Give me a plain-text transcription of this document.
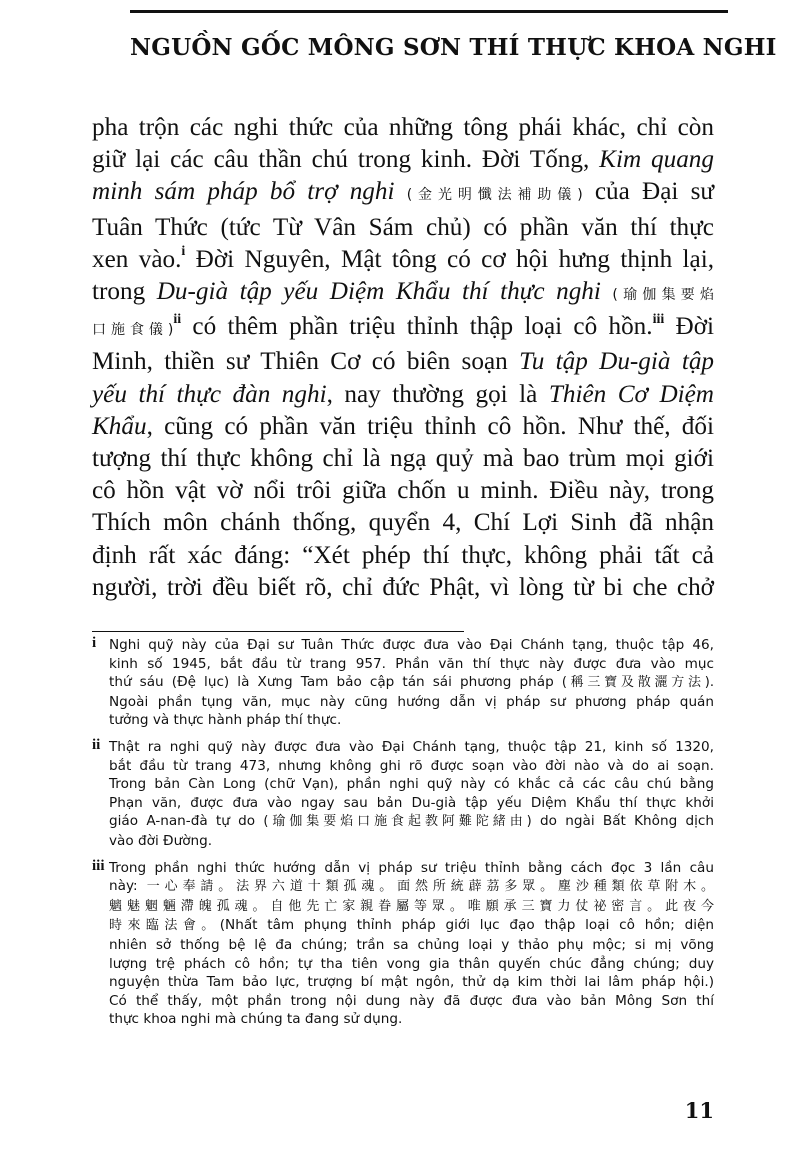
NGUỒN GỐC MÔNG SƠN THÍ THỰC KHOA NGHI
pha trộn các nghi thức của những tông phái khác, chỉ còn
giữ lại các câu thần chú trong kinh. Đời Tống, Kim quang
minh sám pháp bổ trợ nghi (金光明懺法補助儀) của Đại sư
Tuân Thức (tức Từ Vân Sám chủ) có phần văn thí thực
xen vào.$^i$ Đời Nguyên, Mật tông có cơ hội hưng thịnh lại,
trong Du-già tập yếu Diệm Khẩu thí thực nghi (瑜伽集要焰
口施食儀)$^{ii}$ có thêm phần triệu thỉnh thập loại cô hồn.$^{iii}$ Đời
Minh, thiền sư Thiên Cơ có biên soạn Tu tập Du-già tập
yếu thí thực đàn nghi, nay thường gọi là Thiên Cơ Diệm
Khẩu, cũng có phần văn triệu thỉnh cô hồn. Như thế, đối
tượng thí thực không chỉ là ngạ quỷ mà bao trùm mọi giới
cô hồn vật vờ nổi trôi giữa chốn u minh. Điều này, trong
Thích môn chánh thống, quyển 4, Chí Lợi Sinh đã nhận
định rất xác đáng: “Xét phép thí thực, không phải tất cả
người, trời đều biết rõ, chỉ đức Phật, vì lòng từ bi che chở
i Nghi quỹ này của Đại sư Tuân Thức được đưa vào Đại Chánh tạng, thuộc tập 46,
kinh số 1945, bắt đầu từ trang 957. Phần văn thí thực này được đưa vào mục
thứ sáu (Đệ lục) là Xưng Tam bảo cập tán sái phương pháp (稱三寶及散灑方法).
Ngoài phần tụng văn, mục này cũng hướng dẫn vị pháp sư phương pháp quán
tưởng và thực hành pháp thí thực.
ii Thật ra nghi quỹ này được đưa vào Đại Chánh tạng, thuộc tập 21, kinh số 1320,
bắt đầu từ trang 473, nhưng không ghi rõ được soạn vào đời nào và do ai soạn.
Trong bản Càn Long (chữ Vạn), phần nghi quỹ này có khắc cả các câu chú bằng
Phạn văn, được đưa vào ngay sau bản Du-già tập yếu Diệm Khẩu thí thực khởi
giáo A-nan-đà tự do (瑜伽集要焰口施食起教阿難陀緒由) do ngài Bất Không dịch
vào đời Đường.
iii Trong phần nghi thức hướng dẫn vị pháp sư triệu thỉnh bằng cách đọc 3 lần câu
này: 一心奉請。法界六道十類孤魂。面然所統薜茘多眾。塵沙種類依草附木。
魑魅魍魎滯魄孤魂。自他先亡家親眷屬等眾。唯願承三寶力仗祕密言。此夜今
時來臨法會。(Nhất tâm phụng thỉnh pháp giới lục đạo thập loại cô hồn; diện
nhiên sở thống bệ lệ đa chúng; trần sa chủng loại y thảo phụ mộc; si mị võng
lượng trệ phách cô hồn; tự tha tiên vong gia thân quyến chúc đẳng chúng; duy
nguyện thừa Tam bảo lực, trượng bí mật ngôn, thử dạ kim thời lai lâm pháp hội.)
Có thể thấy, một phần trong nội dung này đã được đưa vào bản Mông Sơn thí
thực khoa nghi mà chúng ta đang sử dụng.
11
